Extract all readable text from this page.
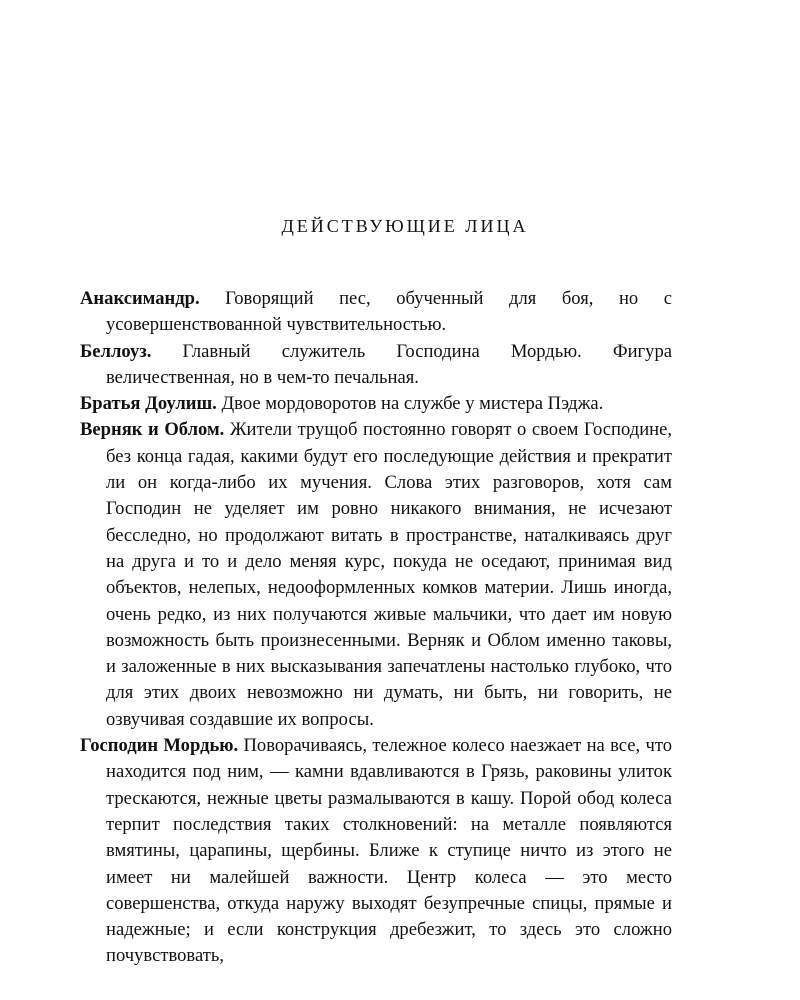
ДЕЙСТВУЮЩИЕ ЛИЦА

Анаксимандр. Говорящий пес, обученный для боя, но с усовершенствованной чувствительностью.

Беллоуз. Главный служитель Господина Мордью. Фигура величественная, но в чем-то печальная.

Братья Доулиш. Двое мордоворотов на службе у мистера Пэджа.

Верняк и Облом. Жители трущоб постоянно говорят о своем Господине, без конца гадая, какими будут его последующие действия и прекратит ли он когда-либо их мучения. Слова этих разговоров, хотя сам Господин не уделяет им ровно никакого внимания, не исчезают бесследно, но продолжают витать в пространстве, наталкиваясь друг на друга и то и дело меняя курс, покуда не оседают, принимая вид объектов, нелепых, недооформленных комков материи. Лишь иногда, очень редко, из них получаются живые мальчики, что дает им новую возможность быть произнесенными. Верняк и Облом именно таковы, и заложенные в них высказывания запечатлены настолько глубоко, что для этих двоих невозможно ни думать, ни быть, ни говорить, не озвучивая создавшие их вопросы.

Господин Мордью. Поворачиваясь, тележное колесо наезжает на все, что находится под ним, — камни вдавливаются в Грязь, раковины улиток трескаются, нежные цветы размалываются в кашу. Порой обод колеса терпит последствия таких столкновений: на металле появляются вмятины, царапины, щербины. Ближе к ступице ничто из этого не имеет ни малейшей важности. Центр колеса — это место совершенства, откуда наружу выходят безупречные спицы, прямые и надежные; и если конструкция дребезжит, то здесь это сложно почувствовать,
